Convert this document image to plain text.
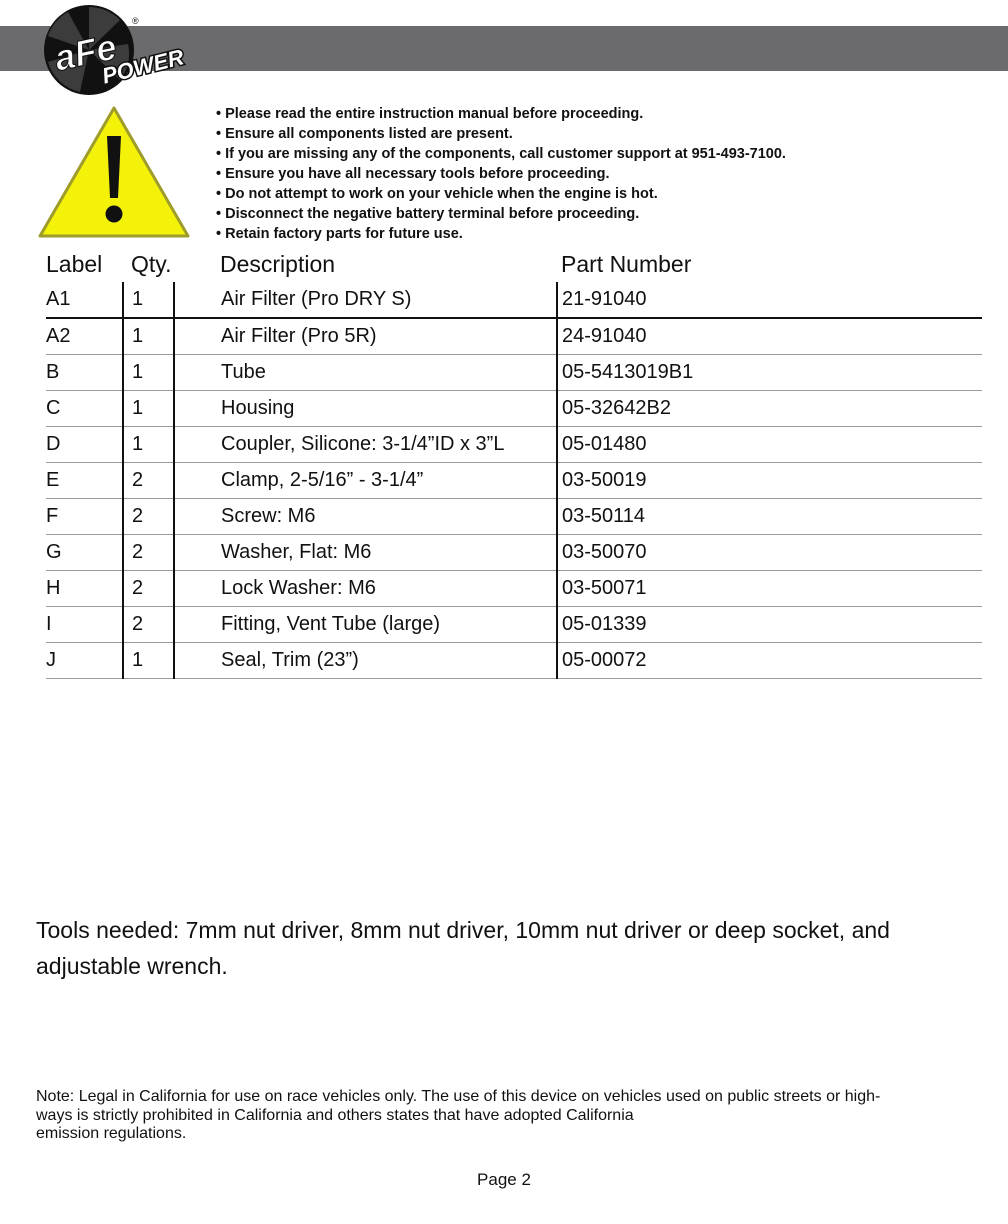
aFe
POWER
®
• Please read the entire instruction manual before proceeding.
• Ensure all components listed are present.
• If you are missing any of the components, call customer support at 951-493-7100.
• Ensure you have all necessary tools before proceeding.
• Do not attempt to work on your vehicle when the engine is hot.
• Disconnect the negative battery terminal before proceeding.
• Retain factory parts for future use.
Label	Qty.	Description	Part Number
A1	1	Air Filter (Pro DRY S)	21-91040
A2	1	Air Filter (Pro 5R)	24-91040
B	1	Tube	05-5413019B1
C	1	Housing	05-32642B2
D	1	Coupler, Silicone: 3-1/4”ID x 3”L	05-01480
E	2	Clamp, 2-5/16” - 3-1/4”	03-50019
F	2	Screw: M6	03-50114
G	2	Washer, Flat: M6	03-50070
H	2	Lock Washer: M6	03-50071
I	2	Fitting, Vent Tube (large)	05-01339
J	1	Seal, Trim (23”)	05-00072

Tools needed: 7mm nut driver, 8mm nut driver, 10mm nut driver or deep socket, and adjustable wrench.

Note: Legal in California for use on race vehicles only. The use of this device on vehicles used on public streets or high-
ways is strictly prohibited in California and others states that have adopted California
emission regulations.

Page 2
